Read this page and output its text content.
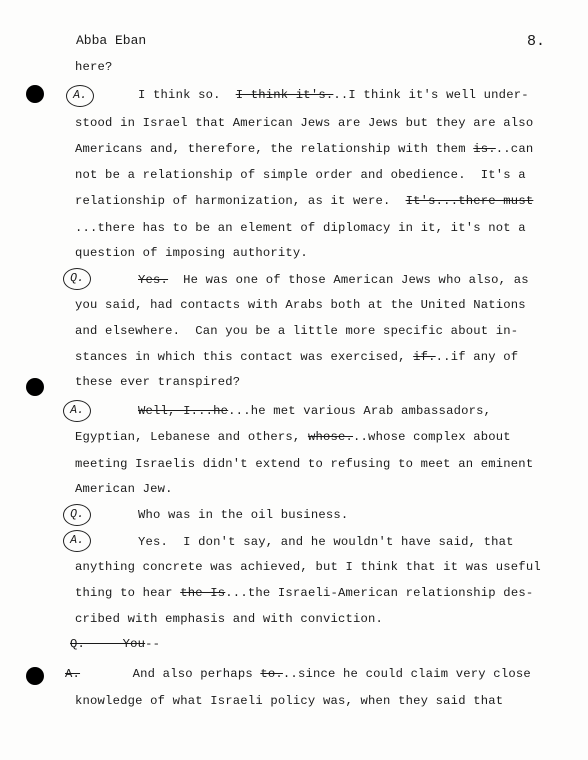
Abba Eban	8.
here?
A.	I think so.  I think it's...I think it's well under-
stood in Israel that American Jews are Jews but they are also
Americans and, therefore, the relationship with them is...can
not be a relationship of simple order and obedience.  It's a
relationship of harmonization, as it were.  It's...there must
...there has to be an element of diplomacy in it, it's not a
question of imposing authority.
Q.	Yes.  He was one of those American Jews who also, as
you said, had contacts with Arabs both at the United Nations
and elsewhere.  Can you be a little more specific about in-
stances in which this contact was exercised, if...if any of
these ever transpired?
A.	Well, I...he...he met various Arab ambassadors,
Egyptian, Lebanese and others, whose...whose complex about
meeting Israelis didn't extend to refusing to meet an eminent
American Jew.
Q.	Who was in the oil business.
A.	Yes.  I don't say, and he wouldn't have said, that
anything concrete was achieved, but I think that it was useful
thing to hear the Is...the Israeli-American relationship des-
cribed with emphasis and with conviction.
Q.     You--
A.       And also perhaps to...since he could claim very close
knowledge of what Israeli policy was, when they said that
